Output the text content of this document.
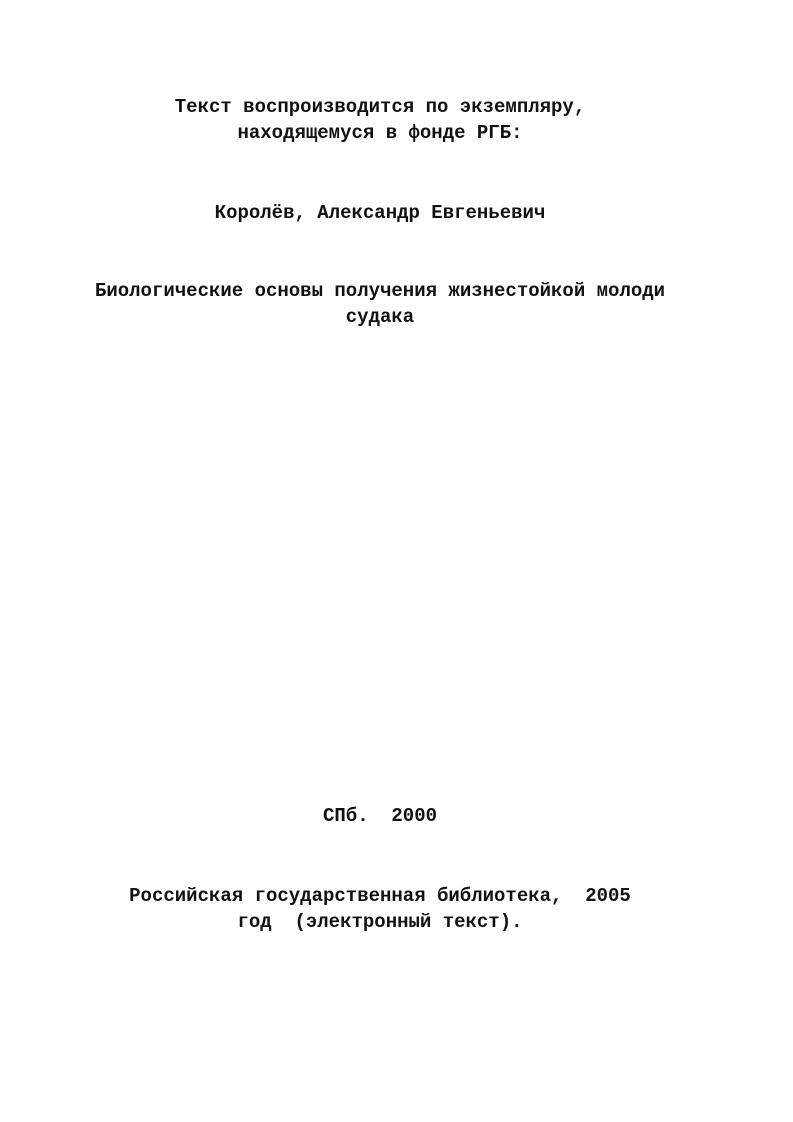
Текст воспроизводится по экземпляру,
находящемуся в фонде РГБ:
Королёв, Александр Евгеньевич
Биологические основы получения жизнестойкой молоди
судака
СПб.  2000
Российская государственная библиотека,  2005
год  (электронный текст).
